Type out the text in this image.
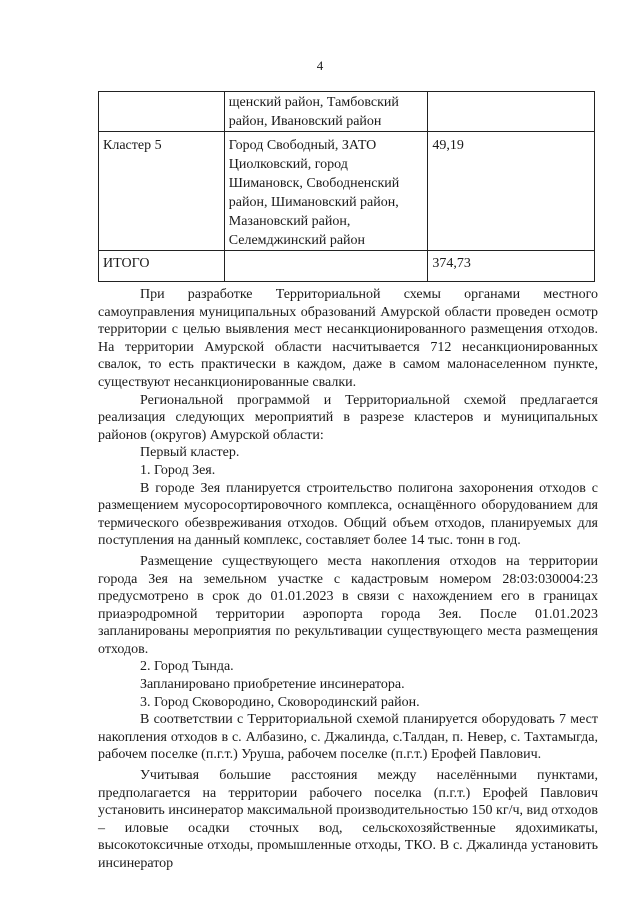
4
	щенский район, Тамбовский район, Ивановский район	
Кластер 5	Город Свободный, ЗАТО Циолковский, город Шимановск, Свободненский район, Шимановский район, Мазановский район, Селемджинский район	49,19
ИТОГО		374,73

При разработке Территориальной схемы органами местного самоуправления муниципальных образований Амурской области проведен осмотр территории с целью выявления мест несанкционированного размещения отходов. На территории Амурской области насчитывается 712 несанкционированных свалок, то есть практически в каждом, даже в самом малонаселенном пункте, существуют несанкционированные свалки.

Региональной программой и Территориальной схемой предлагается реализация следующих мероприятий в разрезе кластеров и муниципальных районов (округов) Амурской области:

Первый кластер.

1. Город Зея.

В городе Зея планируется строительство полигона захоронения отходов с размещением мусоросортировочного комплекса, оснащённого оборудованием для термического обезвреживания отходов. Общий объем отходов, планируемых для поступления на данный комплекс, составляет более 14 тыс. тонн в год.

Размещение существующего места накопления отходов на территории города Зея на земельном участке с кадастровым номером 28:03:030004:23 предусмотрено в срок до 01.01.2023 в связи с нахождением его в границах приаэродромной территории аэропорта города Зея. После 01.01.2023 запланированы мероприятия по рекультивации существующего места размещения отходов.

2. Город Тында.

Запланировано приобретение инсинератора.

3. Город Сковородино, Сковородинский район.

В соответствии с Территориальной схемой планируется оборудовать 7 мест накопления отходов в с. Албазино, с. Джалинда, с.Талдан, п. Невер, с. Тахтамыгда, рабочем поселке (п.г.т.) Уруша, рабочем поселке (п.г.т.) Ерофей Павлович.

Учитывая большие расстояния между населёнными пунктами, предполагается на территории рабочего поселка (п.г.т.) Ерофей Павлович установить инсинератор максимальной производительностью 150 кг/ч, вид отходов – иловые осадки сточных вод, сельскохозяйственные ядохимикаты, высокотоксичные отходы, промышленные отходы, ТКО. В с. Джалинда установить инсинератор
